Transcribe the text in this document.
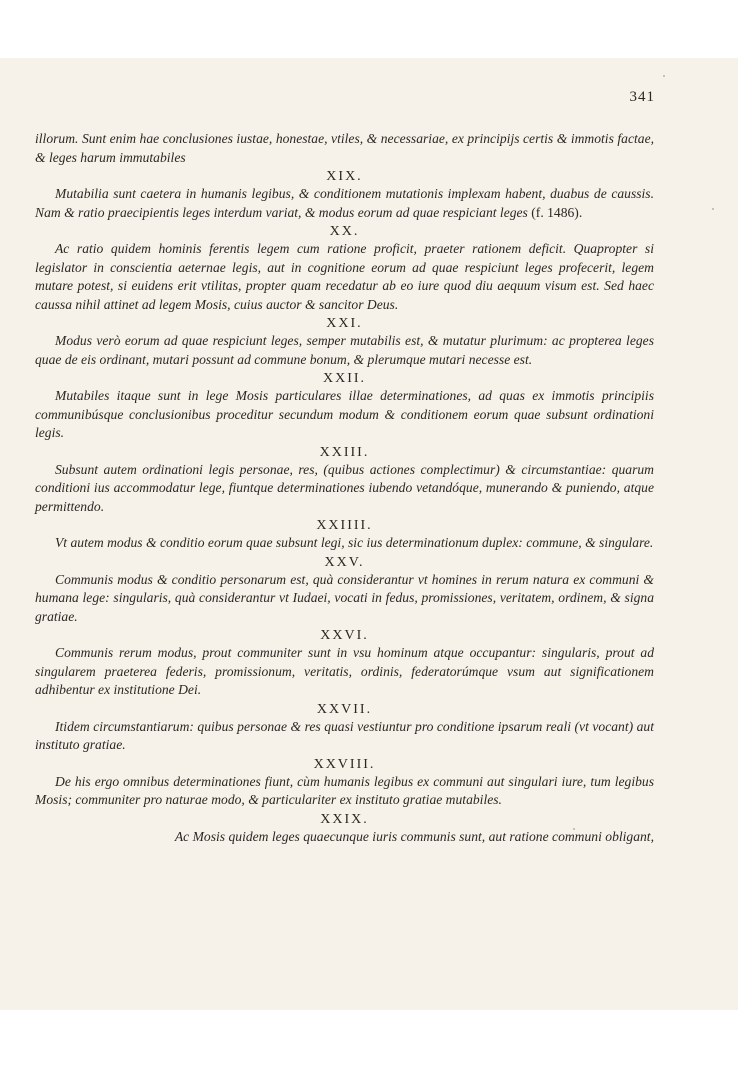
341

illorum. Sunt enim hae conclusiones iustae, honestae, vtiles, & necessariae, ex principijs certis & immotis factae, & leges harum immutabiles

XIX.

Mutabilia sunt caetera in humanis legibus, & conditionem mutationis implexam habent, duabus de caussis. Nam & ratio praecipientis leges interdum variat, & modus eorum ad quae respiciant leges (f. 1486).

XX.

Ac ratio quidem hominis ferentis legem cum ratione proficit, praeter rationem deficit. Quapropter si legislator in conscientia aeternae legis, aut in cognitione eorum ad quae respiciunt leges profecerit, legem mutare potest, si euidens erit vtilitas, propter quam recedatur ab eo iure quod diu aequum visum est. Sed haec caussa nihil attinet ad legem Mosis, cuius auctor & sancitor Deus.

XXI.

Modus verò eorum ad quae respiciunt leges, semper mutabilis est, & mutatur plurimum: ac propterea leges quae de eis ordinant, mutari possunt ad commune bonum, & plerumque mutari necesse est.

XXII.

Mutabiles itaque sunt in lege Mosis particulares illae determinationes, ad quas ex immotis principiis communibúsque conclusionibus proceditur secundum modum & conditionem eorum quae subsunt ordinationi legis.

XXIII.

Subsunt autem ordinationi legis personae, res, (quibus actiones complectimur) & circumstantiae: quarum conditioni ius accommodatur lege, fiuntque determinationes iubendo vetandóque, munerando & puniendo, atque permittendo.

XXIIII.

Vt autem modus & conditio eorum quae subsunt legi, sic ius determinationum duplex: commune, & singulare.

XXV.

Communis modus & conditio personarum est, quà considerantur vt homines in rerum natura ex communi & humana lege: singularis, quà considerantur vt Iudaei, vocati in fedus, promissiones, veritatem, ordinem, & signa gratiae.

XXVI.

Communis rerum modus, prout communiter sunt in vsu hominum atque occupantur: singularis, prout ad singularem praeterea federis, promissionum, veritatis, ordinis, federatorúmque vsum aut significationem adhibentur ex institutione Dei.

XXVII.

Itidem circumstantiarum: quibus personae & res quasi vestiuntur pro conditione ipsarum reali (vt vocant) aut instituto gratiae.

XXVIII.

De his ergo omnibus determinationes fiunt, cùm humanis legibus ex communi aut singulari iure, tum legibus Mosis; communiter pro naturae modo, & particulariter ex instituto gratiae mutabiles.

XXIX.

Ac Mosis quidem leges quaecunque iuris communis sunt, aut ratione communi obligant,
